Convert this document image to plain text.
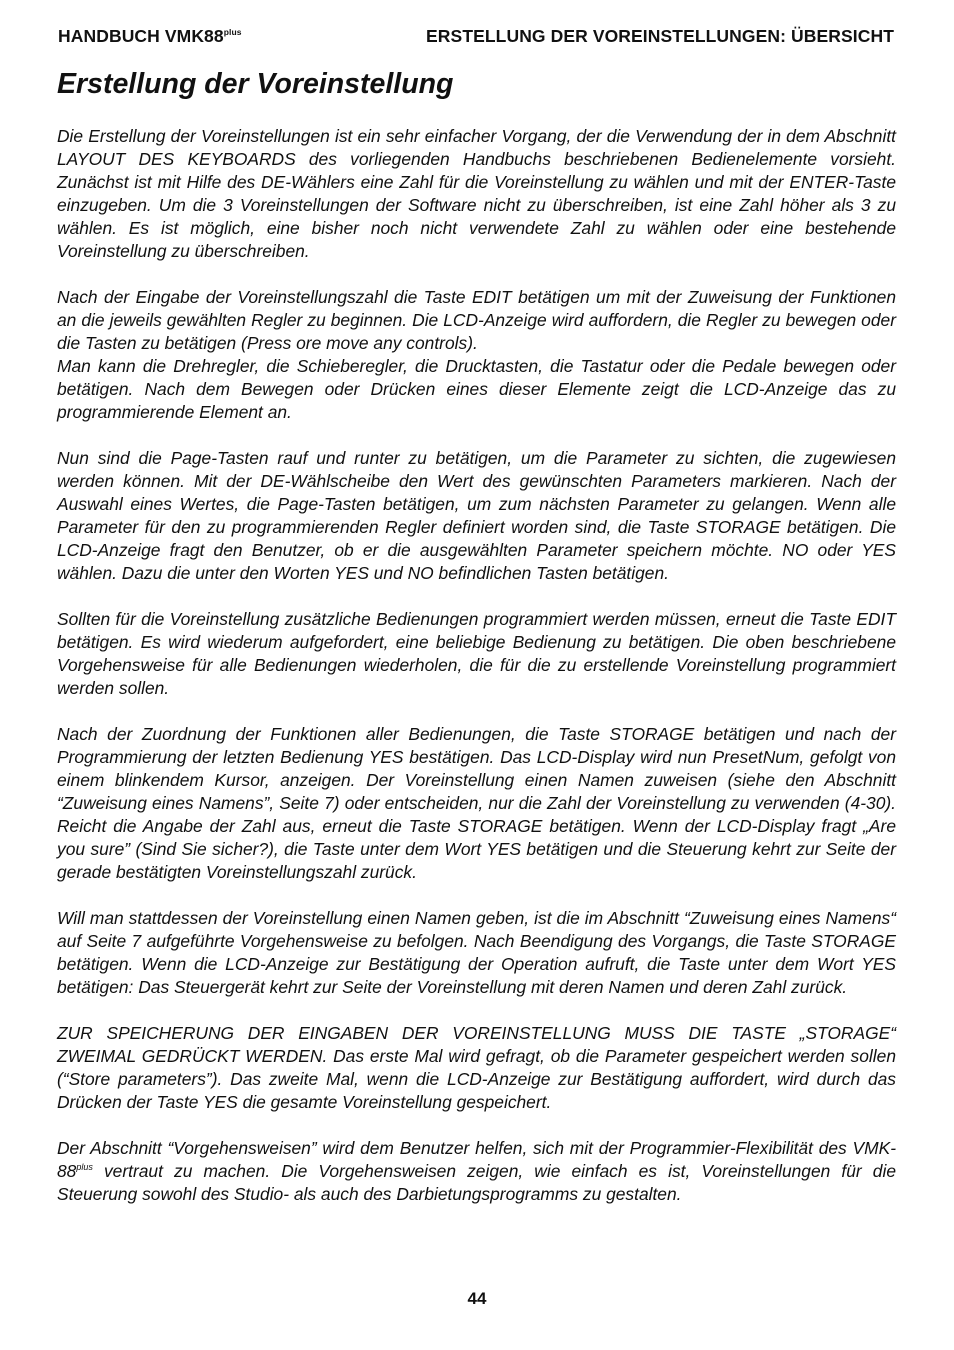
HANDBUCH $VMK88^{plus}$	ERSTELLUNG DER VOREINSTELLUNGEN: ÜBERSICHT
Erstellung der Voreinstellung

Die Erstellung der Voreinstellungen ist ein sehr einfacher Vorgang, der die Verwendung der in dem Abschnitt LAYOUT DES KEYBOARDS des vorliegenden Handbuchs beschriebenen Bedienelemente vorsieht. Zunächst ist mit Hilfe des DE-Wählers eine Zahl für die Voreinstellung zu wählen und mit der ENTER-Taste einzugeben. Um die 3 Voreinstellungen der Software nicht zu überschreiben, ist eine Zahl höher als 3 zu wählen. Es ist möglich, eine bisher noch nicht verwendete Zahl zu wählen oder eine bestehende Voreinstellung zu überschreiben.

Nach der Eingabe der Voreinstellungszahl die Taste EDIT betätigen um mit der Zuweisung der Funktionen an die jeweils gewählten Regler zu beginnen. Die LCD-Anzeige wird auffordern, die Regler zu bewegen oder die Tasten zu betätigen (Press ore move any controls).

Man kann die Drehregler, die Schieberegler, die Drucktasten, die Tastatur oder die Pedale bewegen oder betätigen. Nach dem Bewegen oder Drücken eines dieser Elemente zeigt die LCD-Anzeige das zu programmierende Element an.

Nun sind die Page-Tasten rauf und runter zu betätigen, um die Parameter zu sichten, die zugewiesen werden können. Mit der DE-Wählscheibe den Wert des gewünschten Parameters markieren. Nach der Auswahl eines Wertes, die Page-Tasten betätigen, um zum nächsten Parameter zu gelangen. Wenn alle Parameter für den zu programmierenden Regler definiert worden sind, die Taste STORAGE betätigen. Die LCD-Anzeige fragt den Benutzer, ob er die ausgewählten Parameter speichern möchte. NO oder YES wählen. Dazu die unter den Worten YES und NO befindlichen Tasten betätigen.

Sollten für die Voreinstellung zusätzliche Bedienungen programmiert werden müssen, erneut die Taste EDIT betätigen. Es wird wiederum aufgefordert, eine beliebige Bedienung zu betätigen. Die oben beschriebene Vorgehensweise für alle Bedienungen wiederholen, die für die zu erstellende Voreinstellung programmiert werden sollen.

Nach der Zuordnung der Funktionen aller Bedienungen, die Taste STORAGE betätigen und nach der Programmierung der letzten Bedienung YES bestätigen. Das LCD-Display wird nun PresetNum, gefolgt von einem blinkendem Kursor, anzeigen. Der Voreinstellung einen Namen zuweisen (siehe den Abschnitt “Zuweisung eines Namens”, Seite 7) oder entscheiden, nur die Zahl der Voreinstellung zu verwenden (4-30). Reicht die Angabe der Zahl aus, erneut die Taste STORAGE betätigen. Wenn der LCD-Display fragt „Are you sure” (Sind Sie sicher?), die Taste unter dem Wort YES betätigen und die Steuerung kehrt zur Seite der gerade bestätigten Voreinstellungszahl zurück.

Will man stattdessen der Voreinstellung einen Namen geben, ist die im Abschnitt “Zuweisung eines Namens“ auf Seite 7 aufgeführte Vorgehensweise zu befolgen. Nach Beendigung des Vorgangs, die Taste STORAGE betätigen. Wenn die LCD-Anzeige zur Bestätigung der Operation aufruft, die Taste unter dem Wort YES betätigen: Das Steuergerät kehrt zur Seite der Voreinstellung mit deren Namen und deren Zahl zurück.

ZUR SPEICHERUNG DER EINGABEN DER VOREINSTELLUNG MUSS DIE TASTE „STORAGE“ ZWEIMAL GEDRÜCKT WERDEN. Das erste Mal wird gefragt, ob die Parameter gespeichert werden sollen (“Store parameters”). Das zweite Mal, wenn die LCD-Anzeige zur Bestätigung auffordert, wird durch das Drücken der Taste YES die gesamte Voreinstellung gespeichert.

Der Abschnitt “Vorgehensweisen” wird dem Benutzer helfen, sich mit der Programmier-Flexibilität des VMK-$88^{plus}$ vertraut zu machen. Die Vorgehensweisen zeigen, wie einfach es ist, Voreinstellungen für die Steuerung sowohl des Studio- als auch des Darbietungsprogramms zu gestalten.

44
